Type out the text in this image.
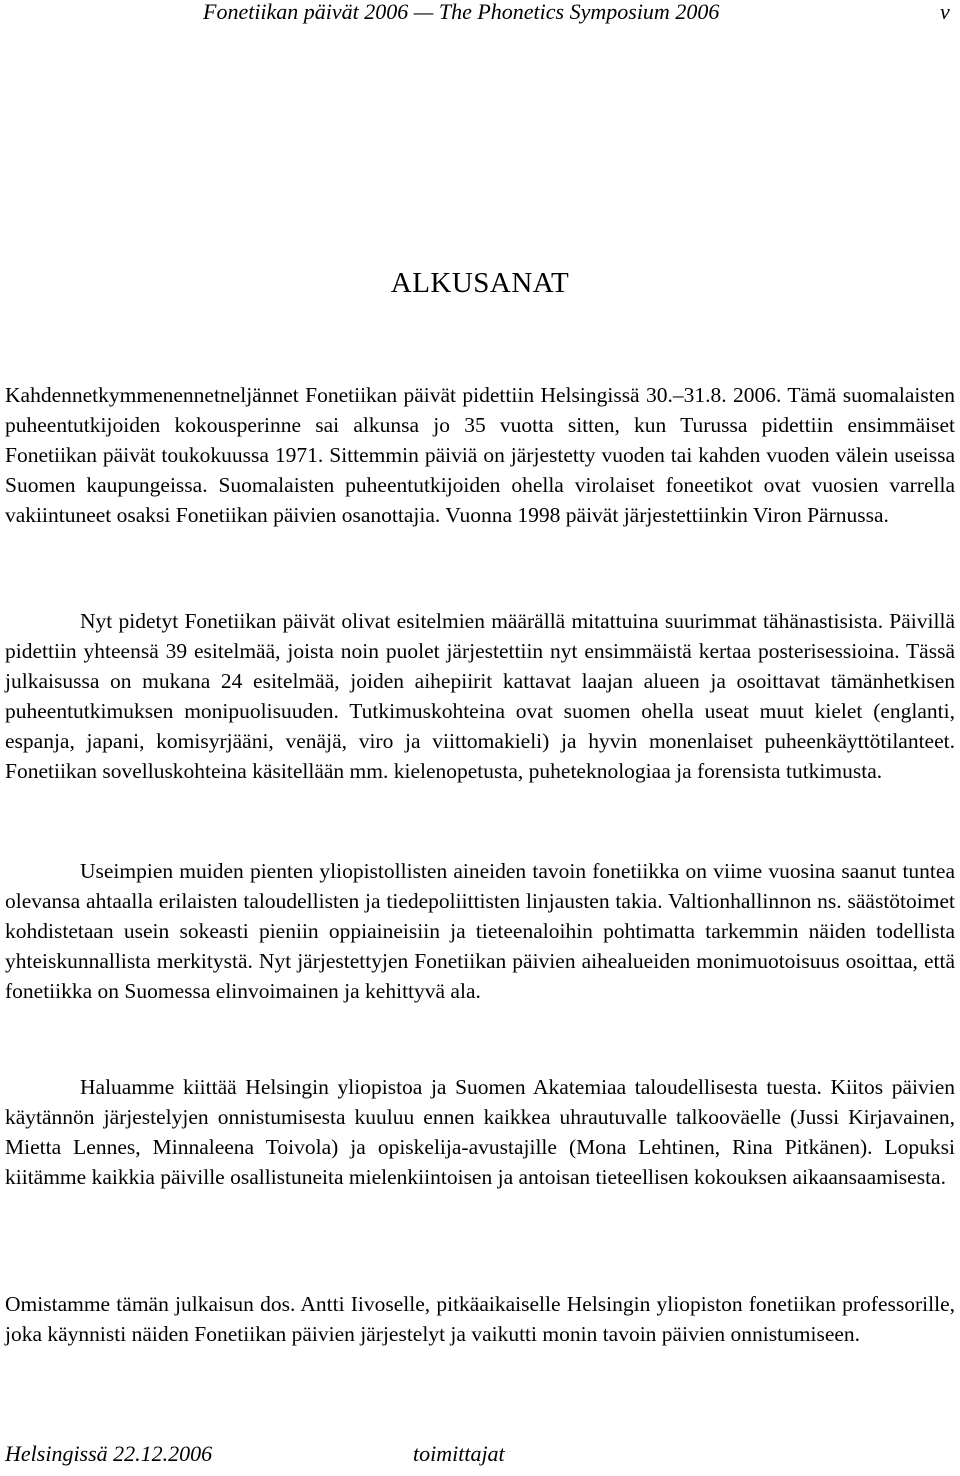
Fonetiikan päivät 2006 — The Phonetics Symposium 2006	v
ALKUSANAT

Kahdennetkymmenennetneljännet Fonetiikan päivät pidettiin Helsingissä 30.–31.8. 2006. Tämä suomalaisten puheentutkijoiden kokousperinne sai alkunsa jo 35 vuotta sitten, kun Turussa pidettiin ensimmäiset Fonetiikan päivät toukokuussa 1971. Sittemmin päiviä on järjestetty vuoden tai kahden vuoden välein useissa Suomen kaupungeissa. Suomalaisten puheentutkijoiden ohella virolaiset foneetikot ovat vuosien varrella vakiintuneet osaksi Fonetiikan päivien osanottajia. Vuonna 1998 päivät järjestettiinkin Viron Pärnussa.

Nyt pidetyt Fonetiikan päivät olivat esitelmien määrällä mitattuina suurimmat tähänastisista. Päivillä pidettiin yhteensä 39 esitelmää, joista noin puolet järjestettiin nyt ensimmäistä kertaa posterisessioina. Tässä julkaisussa on mukana 24 esitelmää, joiden aihepiirit kattavat laajan alueen ja osoittavat tämänhetkisen puheentutkimuksen monipuolisuuden. Tutkimuskohteina ovat suomen ohella useat muut kielet (englanti, espanja, japani, komisyrjääni, venäjä, viro ja viittomakieli) ja hyvin monenlaiset puheenkäyttötilanteet. Fonetiikan sovelluskohteina käsitellään mm. kielenopetusta, puheteknologiaa ja forensista tutkimusta.

Useimpien muiden pienten yliopistollisten aineiden tavoin fonetiikka on viime vuosina saanut tuntea olevansa ahtaalla erilaisten taloudellisten ja tiedepoliittisten linjausten takia. Valtionhallinnon ns. säästötoimet kohdistetaan usein sokeasti pieniin oppiaineisiin ja tieteenaloihin pohtimatta tarkemmin näiden todellista yhteiskunnallista merkitystä. Nyt järjestettyjen Fonetiikan päivien aihealueiden monimuotoisuus osoittaa, että fonetiikka on Suomessa elinvoimainen ja kehittyvä ala.

Haluamme kiittää Helsingin yliopistoa ja Suomen Akatemiaa taloudellisesta tuesta. Kiitos päivien käytännön järjestelyjen onnistumisesta kuuluu ennen kaikkea uhrautuvalle talkooväelle (Jussi Kirjavainen, Mietta Lennes, Minnaleena Toivola) ja opiskelija-avustajille (Mona Lehtinen, Rina Pitkänen). Lopuksi kiitämme kaikkia päiville osallistuneita mielenkiintoisen ja antoisan tieteellisen kokouksen aikaansaamisesta.

Omistamme tämän julkaisun dos. Antti Iivoselle, pitkäaikaiselle Helsingin yliopiston fonetiikan professorille, joka käynnisti näiden Fonetiikan päivien järjestelyt ja vaikutti monin tavoin päivien onnistumiseen.

Helsingissä 22.12.2006	toimittajat
